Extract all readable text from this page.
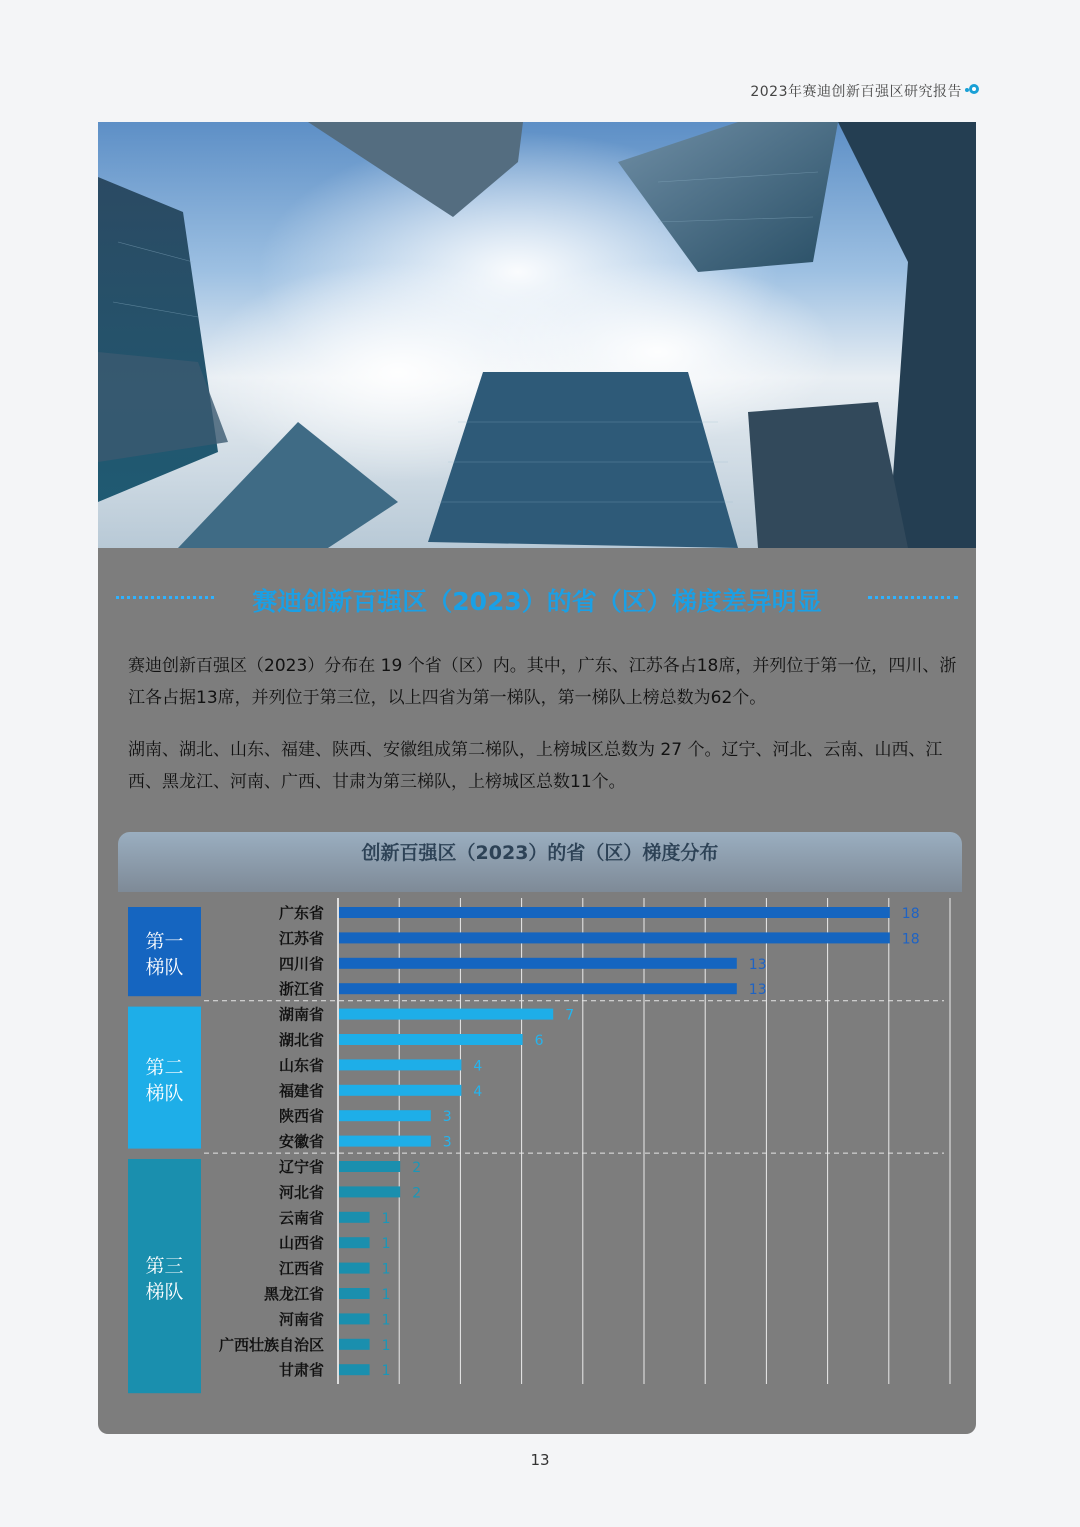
2023年赛迪创新百强区研究报告
赛迪创新百强区（2023）的省（区）梯度差异明显
赛迪创新百强区（2023）分布在 19 个省（区）内。其中，广东、江苏各占18席，并列位于第一位，四川、浙江各占据13席，并列位于第三位，以上四省为第一梯队，第一梯队上榜总数为62个。
湖南、湖北、山东、福建、陕西、安徽组成第二梯队，上榜城区总数为 27 个。辽宁、河北、云南、山西、江西、黑龙江、河南、广西、甘肃为第三梯队，上榜城区总数11个。
创新百强区（2023）的省（区）梯度分布
第一
梯队
第二
梯队
第三
梯队
广东省	18
江苏省	18
四川省	13
浙江省	13
湖南省	7
湖北省	6
山东省	4
福建省	4
陕西省	3
安徽省	3
辽宁省	2
河北省	2
云南省	1
山西省	1
江西省	1
黑龙江省	1
河南省	1
广西壮族自治区	1
甘肃省	1
13
